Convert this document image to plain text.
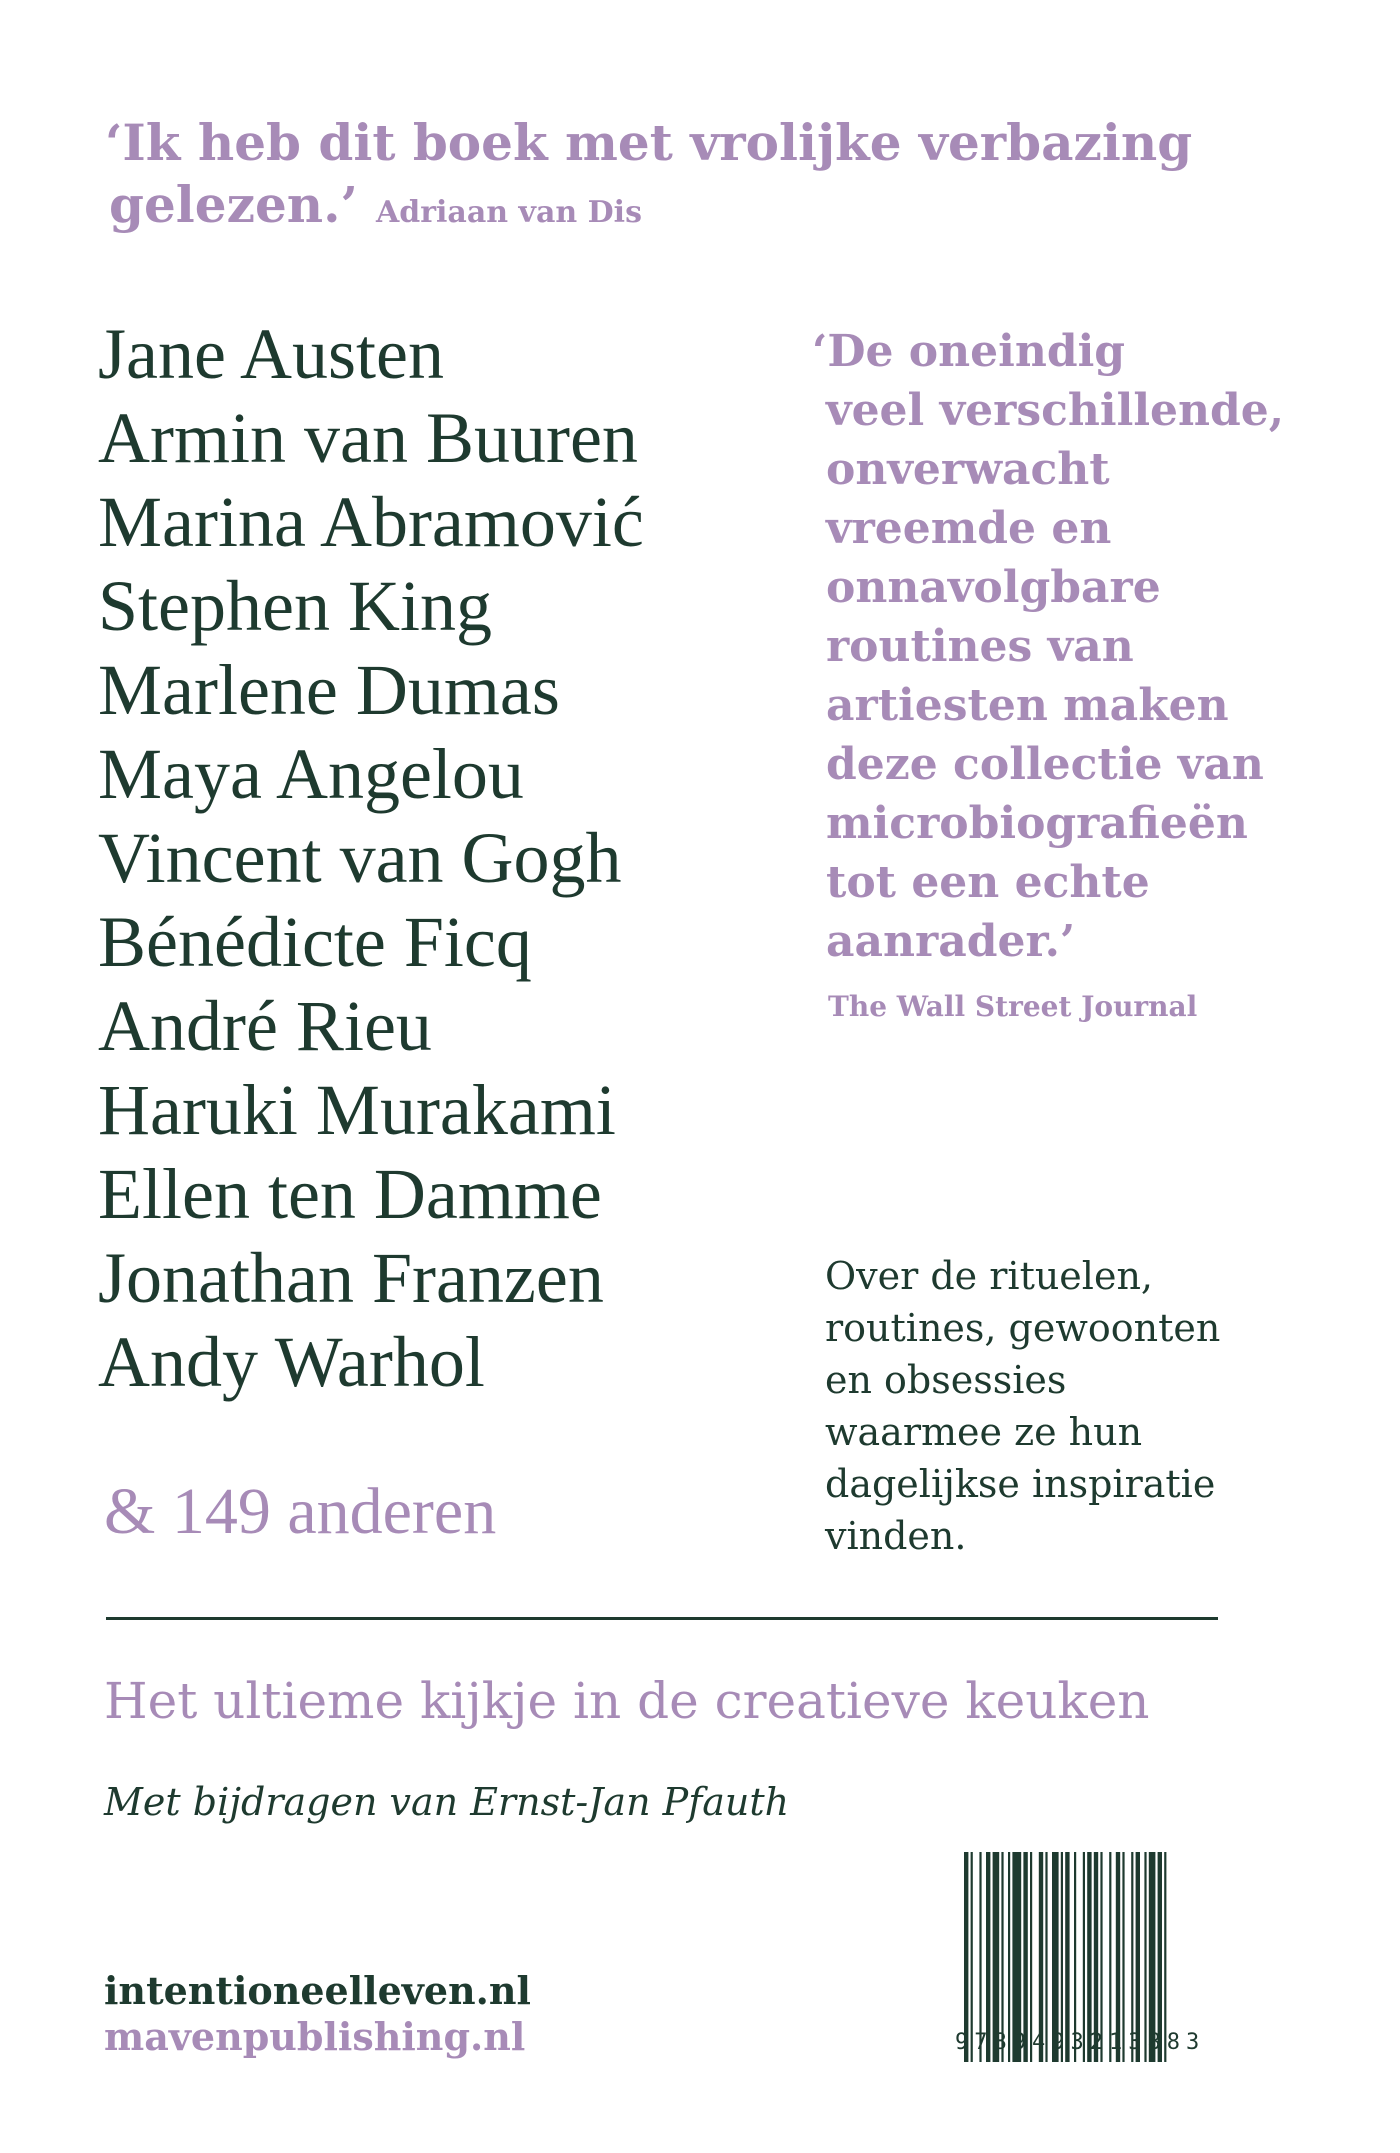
‘Ik heb dit boek met vrolijke verbazing
gelezen.’ Adriaan van Dis
Jane Austen
Armin van Buuren
Marina Abramović
Stephen King
Marlene Dumas
Maya Angelou
Vincent van Gogh
Bénédicte Ficq
André Rieu
Haruki Murakami
Ellen ten Damme
Jonathan Franzen
Andy Warhol
& 149 anderen
‘De oneindig
veel verschillende,
onverwacht
vreemde en
onnavolgbare
routines van
artiesten maken
deze collectie van
microbiografieën
tot een echte
aanrader.’
The Wall Street Journal
Over de rituelen,
routines, gewoonten
en obsessies
waarmee ze hun
dagelijkse inspiratie
vinden.
Het ultieme kijkje in de creatieve keuken
Met bijdragen van Ernst-Jan Pfauth
intentioneelleven.nl
mavenpublishing.nl	9789493213883
